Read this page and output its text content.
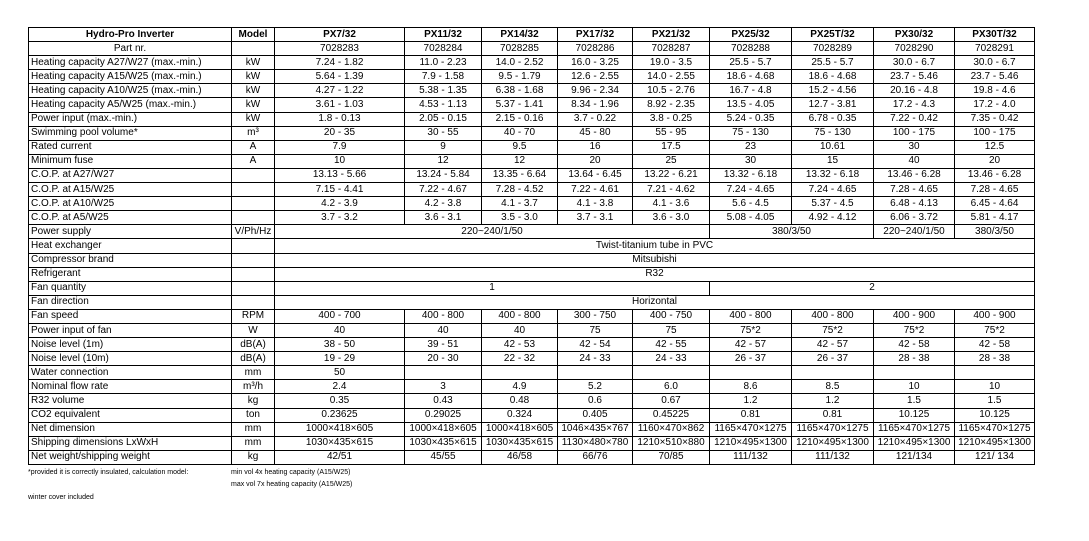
Hydro-Pro Inverter	Model	PX7/32	PX11/32	PX14/32	PX17/32	PX21/32	PX25/32	PX25T/32	PX30/32	PX30T/32
Part nr.		7028283	7028284	7028285	7028286	7028287	7028288	7028289	7028290	7028291
Heating capacity A27/W27 (max.-min.)	kW	7.24 - 1.82	11.0 - 2.23	14.0 - 2.52	16.0 - 3.25	19.0 - 3.5	25.5 - 5.7	25.5 - 5.7	30.0 - 6.7	30.0 - 6.7
Heating capacity A15/W25 (max.-min.)	kW	5.64 - 1.39	7.9 - 1.58	9.5 - 1.79	12.6 - 2.55	14.0 - 2.55	18.6 - 4.68	18.6 - 4.68	23.7 - 5.46	23.7 - 5.46
Heating capacity A10/W25 (max.-min.)	kW	4.27 - 1.22	5.38 - 1.35	6.38 - 1.68	9.96 - 2.34	10.5 - 2.76	16.7 - 4.8	15.2 - 4.56	20.16 - 4.8	19.8 - 4.6
Heating capacity A5/W25 (max.-min.)	kW	3.61 - 1.03	4.53 - 1.13	5.37 - 1.41	8.34 - 1.96	8.92 - 2.35	13.5 - 4.05	12.7 - 3.81	17.2 - 4.3	17.2 - 4.0
Power input (max.-min.)	kW	1.8 - 0.13	2.05 - 0.15	2.15 - 0.16	3.7 - 0.22	3.8 - 0.25	5.24 - 0.35	6.78 - 0.35	7.22 - 0.42	7.35 - 0.42
Swimming pool volume*	m³	20 - 35	30 - 55	40 - 70	45 - 80	55 - 95	75 - 130	75 - 130	100 - 175	100 - 175
Rated current	A	7.9	9	9.5	16	17.5	23	10.61	30	12.5
Minimum fuse	A	10	12	12	20	25	30	15	40	20
C.O.P. at A27/W27		13.13 - 5.66	13.24 - 5.84	13.35 - 6.64	13.64 - 6.45	13.22 - 6.21	13.32 - 6.18	13.32 - 6.18	13.46 - 6.28	13.46 - 6.28
C.O.P. at A15/W25		7.15 - 4.41	7.22 - 4.67	7.28 - 4.52	7.22 - 4.61	7.21 - 4.62	7.24 - 4.65	7.24 - 4.65	7.28 - 4.65	7.28 - 4.65
C.O.P. at A10/W25		4.2 - 3.9	4.2 - 3.8	4.1 - 3.7	4.1 - 3.8	4.1 - 3.6	5.6 - 4.5	5.37 - 4.5	6.48 - 4.13	6.45 - 4.64
C.O.P. at A5/W25		3.7 - 3.2	3.6 - 3.1	3.5 - 3.0	3.7 - 3.1	3.6 - 3.0	5.08 - 4.05	4.92 - 4.12	6.06 - 3.72	5.81 - 4.17
Power supply	V/Ph/Hz	220~240/1/50					380/3/50		220~240/1/50	380/3/50
Heat exchanger		Twist-titanium tube in PVC								
Compressor brand		Mitsubishi								
Refrigerant		R32								
Fan quantity		1					2			
Fan direction		Horizontal								
Fan speed	RPM	400 - 700	400 - 800	400 - 800	300 - 750	400 - 750	400 - 800	400 - 800	400 - 900	400 - 900
Power input of fan	W	40	40	40	75	75	75*2	75*2	75*2	75*2
Noise level (1m)	dB(A)	38 - 50	39 - 51	42 - 53	42 - 54	42 - 55	42 - 57	42 - 57	42 - 58	42 - 58
Noise level (10m)	dB(A)	19 - 29	20 - 30	22 - 32	24 - 33	24 - 33	26 - 37	26 - 37	28 - 38	28 - 38
Water connection	mm	50								
Nominal flow rate	m³/h	2.4	3	4.9	5.2	6.0	8.6	8.5	10	10
R32 volume	kg	0.35	0.43	0.48	0.6	0.67	1.2	1.2	1.5	1.5
CO2 equivalent	ton	0.23625	0.29025	0.324	0.405	0.45225	0.81	0.81	10.125	10.125
Net dimension	mm	1000×418×605	1000×418×605	1000×418×605	1046×435×767	1160×470×862	1165×470×1275	1165×470×1275	1165×470×1275	1165×470×1275
Shipping dimensions LxWxH	mm	1030×435×615	1030×435×615	1030×435×615	1130×480×780	1210×510×880	1210×495×1300	1210×495×1300	1210×495×1300	1210×495×1300
Net weight/shipping weight	kg	42/51	45/55	46/58	66/76	70/85	111/132	111/132	121/134	121/ 134
*provided it is correctly insulated, calculation model:	min vol 4x heating capacity (A15/W25)
max vol 7x heating capacity (A15/W25)
winter cover included
